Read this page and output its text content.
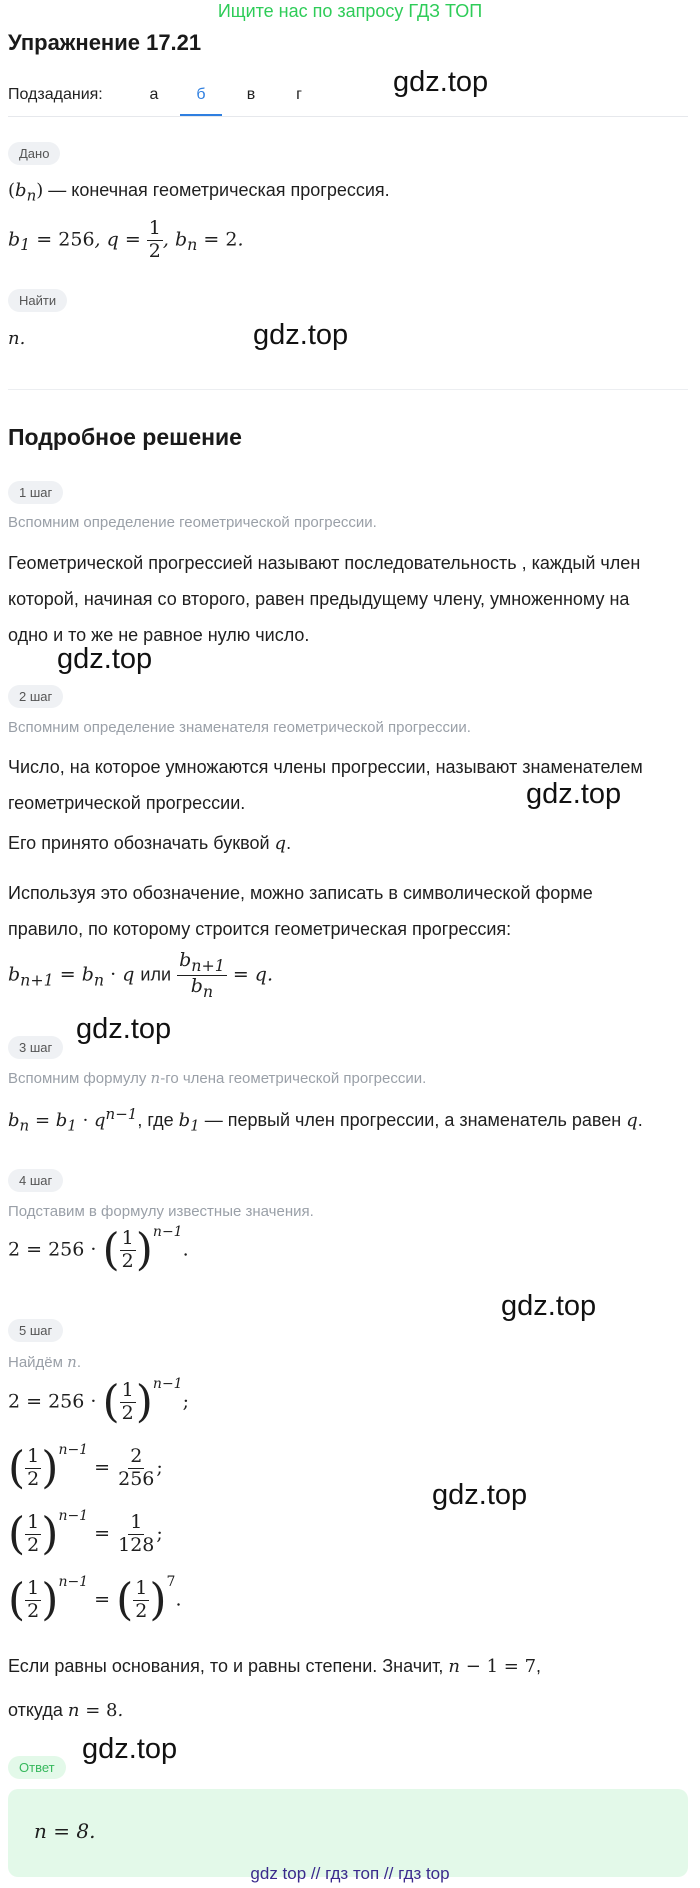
Ищите нас по запросу ГДЗ ТОП
Упражнение 17.21
Подзадания:	а	б	в	г
Дано
$(b_n)$ — конечная геометрическая прогрессия.
$b_1 = 256$, $q = \frac{1}{2}$ , $b_n = 2$.
Найти
n.	gdz.top
Подробное решение
1 шаг
Вспомним определение геометрической прогрессии.
Геометрической прогрессией называют последовательность , каждый член которой, начиная со второго, равен предыдущему члену, умноженному на одно и то же не равное нулю число.
gdz.top
2 шаг
Вспомним определение знаменателя геометрической прогрессии.
Число, на которое умножаются члены прогрессии, называют знаменателем геометрической прогрессии.	gdz.top
Его принято обозначать буквой q.
Используя это обозначение, можно записать в символической форме правило, по которому строится геометрическая прогрессия:
$b_{n+1} = b_n \cdot q$ или $\frac{b_{n+1}}{b_n} = q$.
gdz.top
3 шаг
Вспомним формулу n-го члена геометрической прогрессии.
$b_n = b_1 \cdot q^{n-1}$, где $b_1$ — первый член прогрессии, а знаменатель равен q.
4 шаг
Подставим в формулу известные значения.
2 = 256 · ( $\frac{1}{2} )^{n-1}$.
gdz.top
5 шаг
Найдём n.
2 = 256 · ( $\frac{1}{2} )^{n-1}$;
( $\frac{1}{2} )^{n-1} = \frac{2}{256}$ ;
gdz.top
( $\frac{1}{2} )^{n-1} = \frac{1}{128}$ ;
( $\frac{1}{2} )^{n-1}$ = ( $\frac{1}{2} )^7$.
Если равны основания, то и равны степени. Значит, n − 1 = 7,
откуда n = 8.
gdz.top
Ответ
n = 8.
gdz.top
gdz top // гдз топ // гдз top
